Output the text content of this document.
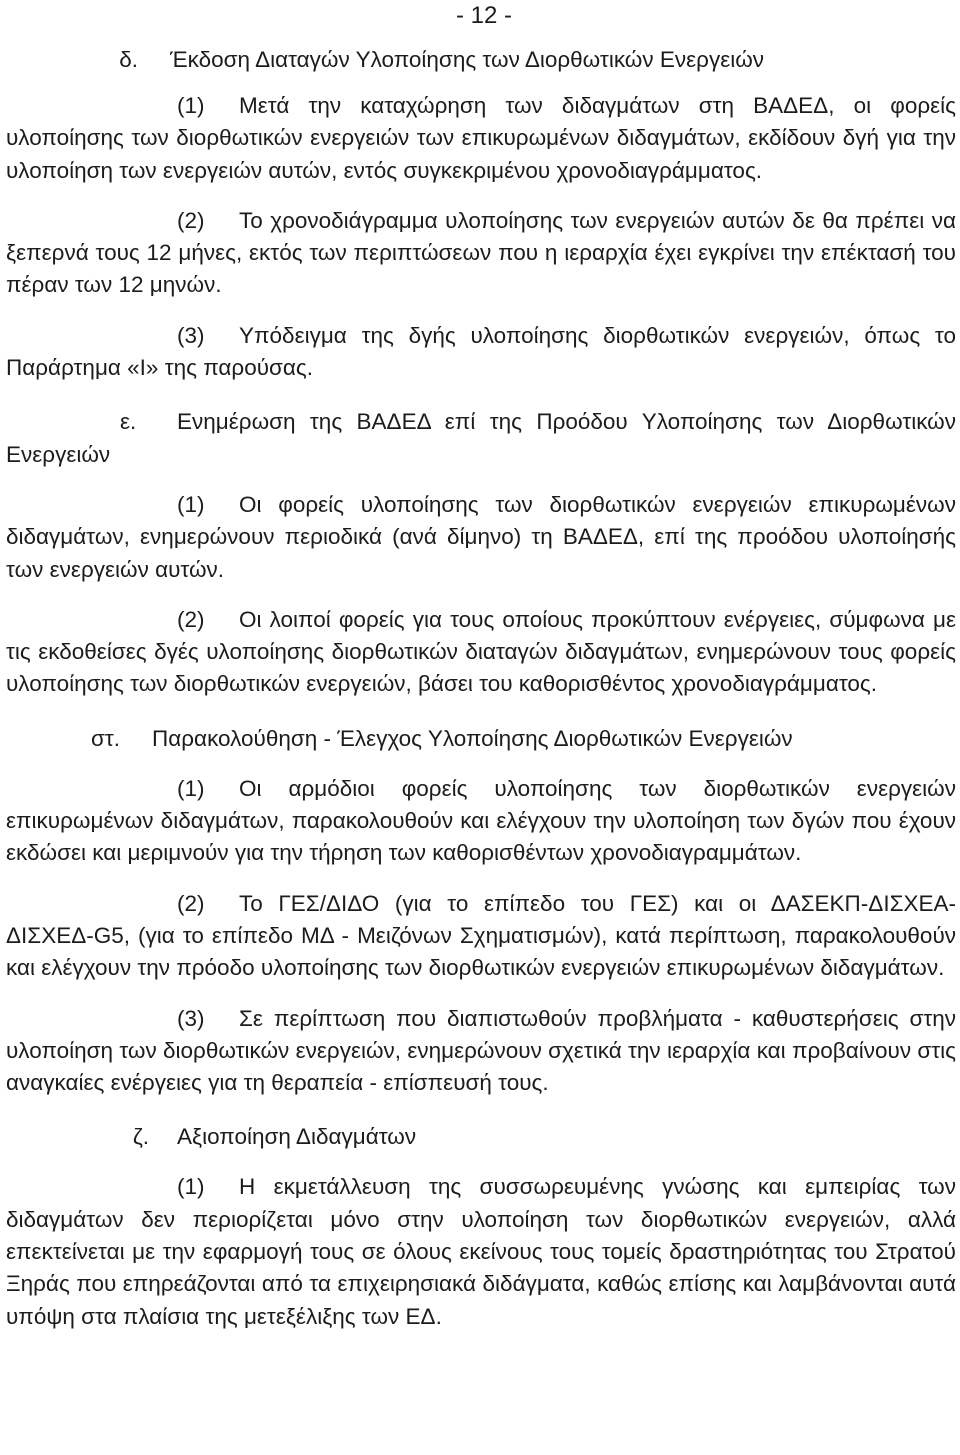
- 12 -
δ.	Έκδοση Διαταγών Υλοποίησης των Διορθωτικών Ενεργειών

(1) Μετά την καταχώρηση των διδαγμάτων στη ΒΑΔΕΔ, οι φορείς υλοποίησης των διορθωτικών ενεργειών των επικυρωμένων διδαγμάτων, εκδίδουν δγή για την υλοποίηση των ενεργειών αυτών, εντός συγκεκριμένου χρονοδιαγράμματος.

(2) Το χρονοδιάγραμμα υλοποίησης των ενεργειών αυτών δε θα πρέπει να ξεπερνά τους 12 μήνες, εκτός των περιπτώσεων που η ιεραρχία έχει εγκρίνει την επέκτασή του πέραν των 12 μηνών.

(3) Υπόδειγμα της δγής υλοποίησης διορθωτικών ενεργειών, όπως το Παράρτημα «Ι» της παρούσας.

ε. Ενημέρωση της ΒΑΔΕΔ επί της Προόδου Υλοποίησης των Διορθωτικών Ενεργειών

(1) Οι φορείς υλοποίησης των διορθωτικών ενεργειών επικυρωμένων διδαγμάτων, ενημερώνουν περιοδικά (ανά δίμηνο) τη ΒΑΔΕΔ, επί της προόδου υλοποίησής των ενεργειών αυτών.

(2) Οι λοιποί φορείς για τους οποίους προκύπτουν ενέργειες, σύμφωνα με τις εκδοθείσες δγές υλοποίησης διορθωτικών διαταγών διδαγμάτων, ενημερώνουν τους φορείς υλοποίησης των διορθωτικών ενεργειών, βάσει του καθορισθέντος χρονοδιαγράμματος.

στ.	Παρακολούθηση - Έλεγχος Υλοποίησης Διορθωτικών Ενεργειών

(1) Οι αρμόδιοι φορείς υλοποίησης των διορθωτικών ενεργειών επικυρωμένων διδαγμάτων, παρακολουθούν και ελέγχουν την υλοποίηση των δγών που έχουν εκδώσει και μεριμνούν για την τήρηση των καθορισθέντων χρονοδιαγραμμάτων.

(2) Το ΓΕΣ/ΔΙΔΟ (για το επίπεδο του ΓΕΣ) και οι ΔΑΣΕΚΠ-ΔΙΣΧΕΑ-ΔΙΣΧΕΔ-G5, (για το επίπεδο ΜΔ - Μειζόνων Σχηματισμών), κατά περίπτωση, παρακολουθούν και ελέγχουν την πρόοδο υλοποίησης των διορθωτικών ενεργειών επικυρωμένων διδαγμάτων.

(3) Σε περίπτωση που διαπιστωθούν προβλήματα - καθυστερήσεις στην υλοποίηση των διορθωτικών ενεργειών, ενημερώνουν σχετικά την ιεραρχία και προβαίνουν στις αναγκαίες ενέργειες για τη θεραπεία - επίσπευσή τους.

ζ.	Αξιοποίηση Διδαγμάτων

(1) Η εκμετάλλευση της συσσωρευμένης γνώσης και εμπειρίας των διδαγμάτων δεν περιορίζεται μόνο στην υλοποίηση των διορθωτικών ενεργειών, αλλά επεκτείνεται με την εφαρμογή τους σε όλους εκείνους τους τομείς δραστηριότητας του Στρατού Ξηράς που επηρεάζονται από τα επιχειρησιακά διδάγματα, καθώς επίσης και λαμβάνονται αυτά υπόψη στα πλαίσια της μετεξέλιξης των ΕΔ.
